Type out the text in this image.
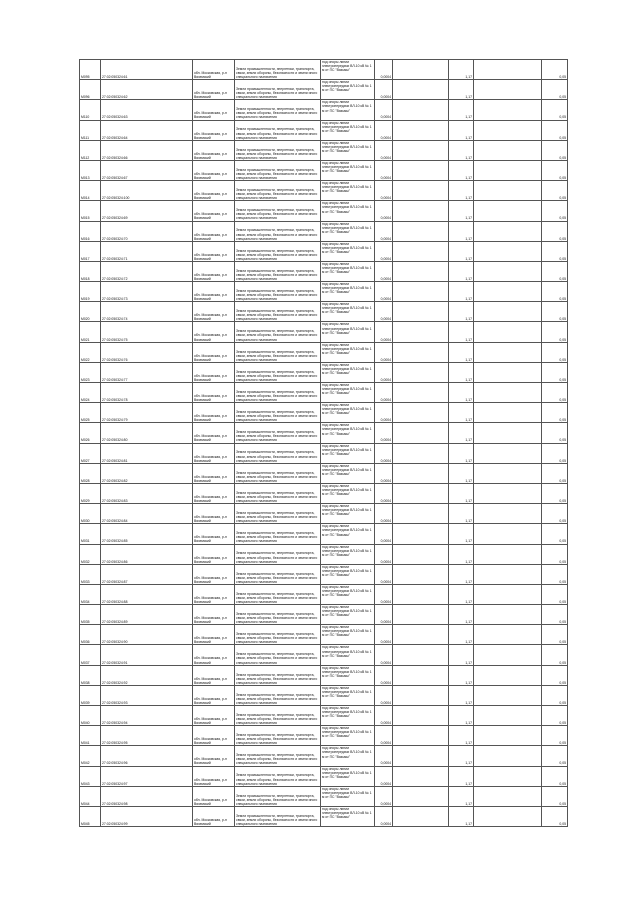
М095	27:02:050324:61	обл. Московская, р-н Вяземский	Земли промышленности, энергетики, транспорта, связи, земли обороны, безопасности и земли иного специального назначения	под опоры линии электропередачи ВЛ-10 кВ № 1 м от ПС "Вязьмы"	0,0004		1,17		0,05
М096	27:02:050324:62	обл. Московская, р-н Вяземский	Земли промышленности, энергетики, транспорта, связи, земли обороны, безопасности и земли иного специального назначения	под опоры линии электропередачи ВЛ-10 кВ № 1 м от ПС "Вязьмы"	0,0004		1,17		0,05
М110	27:02:050324:63	обл. Московская, р-н Вяземский	Земли промышленности, энергетики, транспорта, связи, земли обороны, безопасности и земли иного специального назначения	под опоры линии электропередачи ВЛ-10 кВ № 1 м от ПС "Вязьмы"	0,0004		1,17		0,05
М111	27:02:050324:64	обл. Московская, р-н Вяземский	Земли промышленности, энергетики, транспорта, связи, земли обороны, безопасности и земли иного специального назначения	под опоры линии электропередачи ВЛ-10 кВ № 1 м от ПС "Вязьмы"	0,0004		1,17		0,05
М112	27:02:050324:66	обл. Московская, р-н Вяземский	Земли промышленности, энергетики, транспорта, связи, земли обороны, безопасности и земли иного специального назначения	под опоры линии электропередачи ВЛ-10 кВ № 1 м от ПС "Вязьмы"	0,0004		1,17		0,05
М013	27:02:050324:67	обл. Московская, р-н Вяземский	Земли промышленности, энергетики, транспорта, связи, земли обороны, безопасности и земли иного специального назначения	под опоры линии электропередачи ВЛ-10 кВ № 1 м от ПС "Вязьмы"	0,0004		1,17		0,05
М014	27:02:050324:100	обл. Московская, р-н Вяземский	Земли промышленности, энергетики, транспорта, связи, земли обороны, безопасности и земли иного специального назначения	под опоры линии электропередачи ВЛ-10 кВ № 1 м от ПС "Вязьмы"	0,0004		1,17		0,05
М015	27:02:050324:69	обл. Московская, р-н Вяземский	Земли промышленности, энергетики, транспорта, связи, земли обороны, безопасности и земли иного специального назначения	под опоры линии электропередачи ВЛ-10 кВ № 1 м от ПС "Вязьмы"	0,0004		1,17		0,05
М016	27:02:050324:70	обл. Московская, р-н Вяземский	Земли промышленности, энергетики, транспорта, связи, земли обороны, безопасности и земли иного специального назначения	под опоры линии электропередачи ВЛ-10 кВ № 1 м от ПС "Вязьмы"	0,0004		1,17		0,05
М017	27:02:050324:71	обл. Московская, р-н Вяземский	Земли промышленности, энергетики, транспорта, связи, земли обороны, безопасности и земли иного специального назначения	под опоры линии электропередачи ВЛ-10 кВ № 1 м от ПС "Вязьмы"	0,0004		1,17		0,05
М018	27:02:050324:72	обл. Московская, р-н Вяземский	Земли промышленности, энергетики, транспорта, связи, земли обороны, безопасности и земли иного специального назначения	под опоры линии электропередачи ВЛ-10 кВ № 1 м от ПС "Вязьмы"	0,0004		1,17		0,05
М019	27:02:050324:73	обл. Московская, р-н Вяземский	Земли промышленности, энергетики, транспорта, связи, земли обороны, безопасности и земли иного специального назначения	под опоры линии электропередачи ВЛ-10 кВ № 1 м от ПС "Вязьмы"	0,0004		1,17		0,05
М020	27:02:050324:74	обл. Московская, р-н Вяземский	Земли промышленности, энергетики, транспорта, связи, земли обороны, безопасности и земли иного специального назначения	под опоры линии электропередачи ВЛ-10 кВ № 1 м от ПС "Вязьмы"	0,0004		1,17		0,05
М021	27:02:050324:75	обл. Московская, р-н Вяземский	Земли промышленности, энергетики, транспорта, связи, земли обороны, безопасности и земли иного специального назначения	под опоры линии электропередачи ВЛ-10 кВ № 1 м от ПС "Вязьмы"	0,0004		1,17		0,05
М022	27:02:050324:76	обл. Московская, р-н Вяземский	Земли промышленности, энергетики, транспорта, связи, земли обороны, безопасности и земли иного специального назначения	под опоры линии электропередачи ВЛ-10 кВ № 1 м от ПС "Вязьмы"	0,0004		1,17		0,05
М023	27:02:050324:77	обл. Московская, р-н Вяземский	Земли промышленности, энергетики, транспорта, связи, земли обороны, безопасности и земли иного специального назначения	под опоры линии электропередачи ВЛ-10 кВ № 1 м от ПС "Вязьмы"	0,0004		1,17		0,05
М024	27:02:050324:78	обл. Московская, р-н Вяземский	Земли промышленности, энергетики, транспорта, связи, земли обороны, безопасности и земли иного специального назначения	под опоры линии электропередачи ВЛ-10 кВ № 1 м от ПС "Вязьмы"	0,0004		1,17		0,05
М025	27:02:050324:79	обл. Московская, р-н Вяземский	Земли промышленности, энергетики, транспорта, связи, земли обороны, безопасности и земли иного специального назначения	под опоры линии электропередачи ВЛ-10 кВ № 1 м от ПС "Вязьмы"	0,0004		1,17		0,05
М026	27:02:050324:80	обл. Московская, р-н Вяземский	Земли промышленности, энергетики, транспорта, связи, земли обороны, безопасности и земли иного специального назначения	под опоры линии электропередачи ВЛ-10 кВ № 1 м от ПС "Вязьмы"	0,0004		1,17		0,05
М027	27:02:050324:81	обл. Московская, р-н Вяземский	Земли промышленности, энергетики, транспорта, связи, земли обороны, безопасности и земли иного специального назначения	под опоры линии электропередачи ВЛ-10 кВ № 1 м от ПС "Вязьмы"	0,0004		1,17		0,05
М028	27:02:050324:82	обл. Московская, р-н Вяземский	Земли промышленности, энергетики, транспорта, связи, земли обороны, безопасности и земли иного специального назначения	под опоры линии электропередачи ВЛ-10 кВ № 1 м от ПС "Вязьмы"	0,0004		1,17		0,05
М029	27:02:050324:83	обл. Московская, р-н Вяземский	Земли промышленности, энергетики, транспорта, связи, земли обороны, безопасности и земли иного специального назначения	под опоры линии электропередачи ВЛ-10 кВ № 1 м от ПС "Вязьмы"	0,0004		1,17		0,05
М030	27:02:050324:84	обл. Московская, р-н Вяземский	Земли промышленности, энергетики, транспорта, связи, земли обороны, безопасности и земли иного специального назначения	под опоры линии электропередачи ВЛ-10 кВ № 1 м от ПС "Вязьмы"	0,0004		1,17		0,05
М031	27:02:050324:85	обл. Московская, р-н Вяземский	Земли промышленности, энергетики, транспорта, связи, земли обороны, безопасности и земли иного специального назначения	под опоры линии электропередачи ВЛ-10 кВ № 1 м от ПС "Вязьмы"	0,0004		1,17		0,05
М032	27:02:050324:86	обл. Московская, р-н Вяземский	Земли промышленности, энергетики, транспорта, связи, земли обороны, безопасности и земли иного специального назначения	под опоры линии электропередачи ВЛ-10 кВ № 1 м от ПС "Вязьмы"	0,0004		1,17		0,05
М033	27:02:050324:87	обл. Московская, р-н Вяземский	Земли промышленности, энергетики, транспорта, связи, земли обороны, безопасности и земли иного специального назначения	под опоры линии электропередачи ВЛ-10 кВ № 1 м от ПС "Вязьмы"	0,0004		1,17		0,05
М034	27:02:050324:88	обл. Московская, р-н Вяземский	Земли промышленности, энергетики, транспорта, связи, земли обороны, безопасности и земли иного специального назначения	под опоры линии электропередачи ВЛ-10 кВ № 1 м от ПС "Вязьмы"	0,0004		1,17		0,05
М035	27:02:050324:89	обл. Московская, р-н Вяземский	Земли промышленности, энергетики, транспорта, связи, земли обороны, безопасности и земли иного специального назначения	под опоры линии электропередачи ВЛ-10 кВ № 1 м от ПС "Вязьмы"	0,0004		1,17		0,05
М036	27:02:050324:90	обл. Московская, р-н Вяземский	Земли промышленности, энергетики, транспорта, связи, земли обороны, безопасности и земли иного специального назначения	под опоры линии электропередачи ВЛ-10 кВ № 1 м от ПС "Вязьмы"	0,0004		1,17		0,05
М037	27:02:050324:91	обл. Московская, р-н Вяземский	Земли промышленности, энергетики, транспорта, связи, земли обороны, безопасности и земли иного специального назначения	под опоры линии электропередачи ВЛ-10 кВ № 1 м от ПС "Вязьмы"	0,0004		1,17		0,05
М038	27:02:050324:92	обл. Московская, р-н Вяземский	Земли промышленности, энергетики, транспорта, связи, земли обороны, безопасности и земли иного специального назначения	под опоры линии электропередачи ВЛ-10 кВ № 1 м от ПС "Вязьмы"	0,0004		1,17		0,05
М039	27:02:050324:93	обл. Московская, р-н Вяземский	Земли промышленности, энергетики, транспорта, связи, земли обороны, безопасности и земли иного специального назначения	под опоры линии электропередачи ВЛ-10 кВ № 1 м от ПС "Вязьмы"	0,0004		1,17		0,05
М040	27:02:050324:94	обл. Московская, р-н Вяземский	Земли промышленности, энергетики, транспорта, связи, земли обороны, безопасности и земли иного специального назначения	под опоры линии электропередачи ВЛ-10 кВ № 1 м от ПС "Вязьмы"	0,0004		1,17		0,05
М041	27:02:050324:95	обл. Московская, р-н Вяземский	Земли промышленности, энергетики, транспорта, связи, земли обороны, безопасности и земли иного специального назначения	под опоры линии электропередачи ВЛ-10 кВ № 1 м от ПС "Вязьмы"	0,0004		1,17		0,05
М042	27:02:050324:96	обл. Московская, р-н Вяземский	Земли промышленности, энергетики, транспорта, связи, земли обороны, безопасности и земли иного специального назначения	под опоры линии электропередачи ВЛ-10 кВ № 1 м от ПС "Вязьмы"	0,0004		1,17		0,05
М043	27:02:050324:97	обл. Московская, р-н Вяземский	Земли промышленности, энергетики, транспорта, связи, земли обороны, безопасности и земли иного специального назначения	под опоры линии электропередачи ВЛ-10 кВ № 1 м от ПС "Вязьмы"	0,0004		1,17		0,05
М044	27:02:050324:98	обл. Московская, р-н Вяземский	Земли промышленности, энергетики, транспорта, связи, земли обороны, безопасности и земли иного специального назначения	под опоры линии электропередачи ВЛ-10 кВ № 1 м от ПС "Вязьмы"	0,0004		1,17		0,05
М045	27:02:050324:99	обл. Московская, р-н Вяземский	Земли промышленности, энергетики, транспорта, связи, земли обороны, безопасности и земли иного специального назначения	под опоры линии электропередачи ВЛ-10 кВ № 1 м от ПС "Вязьмы"	0,0004		1,17		0,05
